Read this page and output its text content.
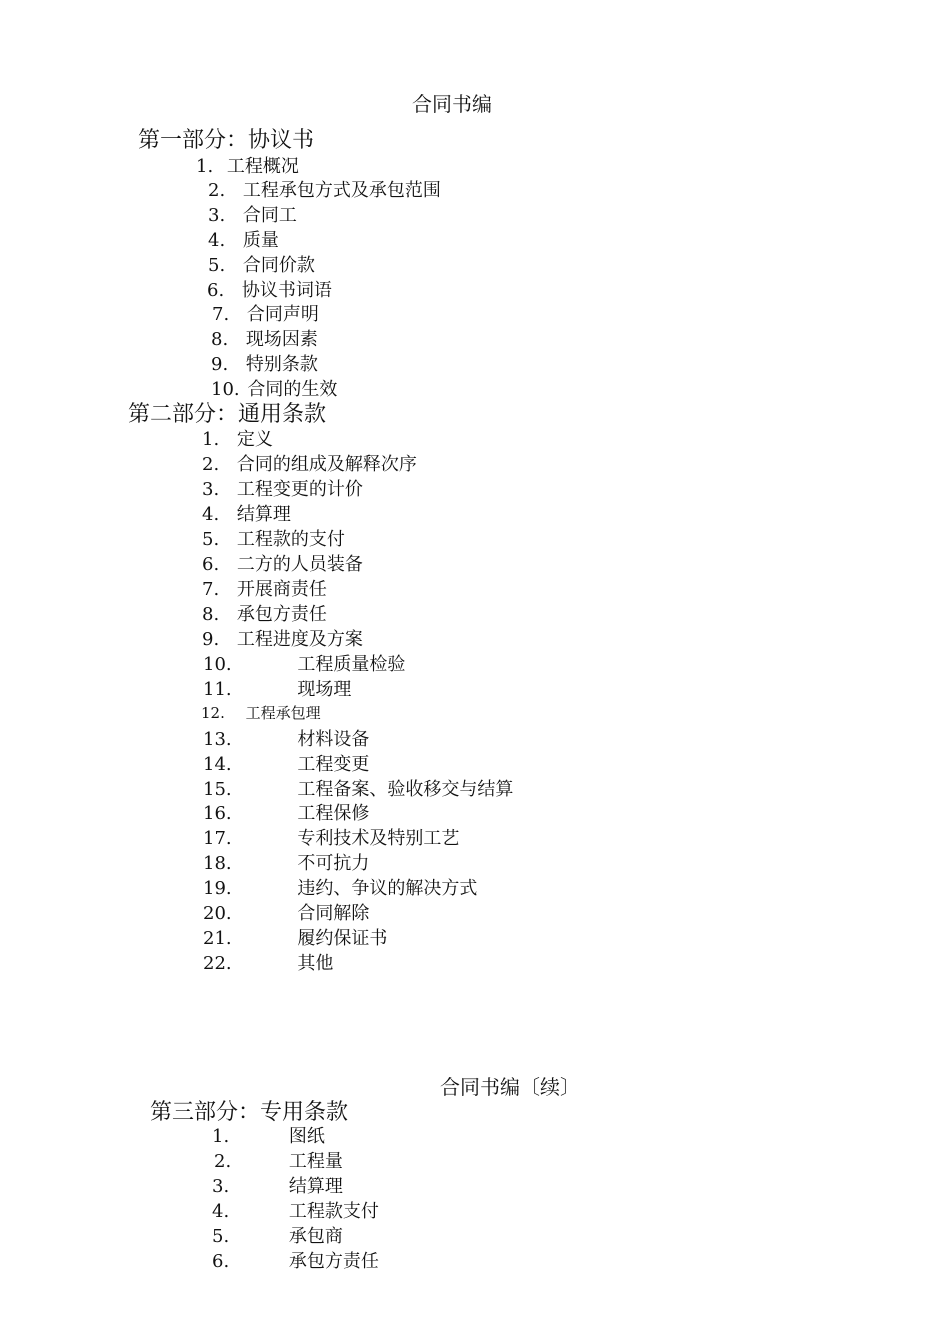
合同书编
第一部分：协议书
1. 工程概况
2. 工程承包方式及承包范围
3. 合同工
4. 质量
5. 合同价款
6. 协议书词语
7. 合同声明
8. 现场因素
9. 特别条款
10. 合同的生效
第二部分：通用条款
1. 定义
2. 合同的组成及解释次序
3. 工程变更的计价
4. 结算理
5. 工程款的支付
6. 二方的人员装备
7. 开展商责任
8. 承包方责任
9. 工程进度及方案
10.	工程质量检验
11.	现场理
12. 工程承包理
13.	材料设备
14.	工程变更
15.	工程备案、验收移交与结算
16.	工程保修
17.	专利技术及特别工艺
18.	不可抗力
19.	违约、争议的解决方式
20.	合同解除
21.	履约保证书
22.	其他
合同书编〔续〕
第三部分：专用条款
1.	图纸
2.	工程量
3.	结算理
4.	工程款支付
5.	承包商
6.	承包方责任
